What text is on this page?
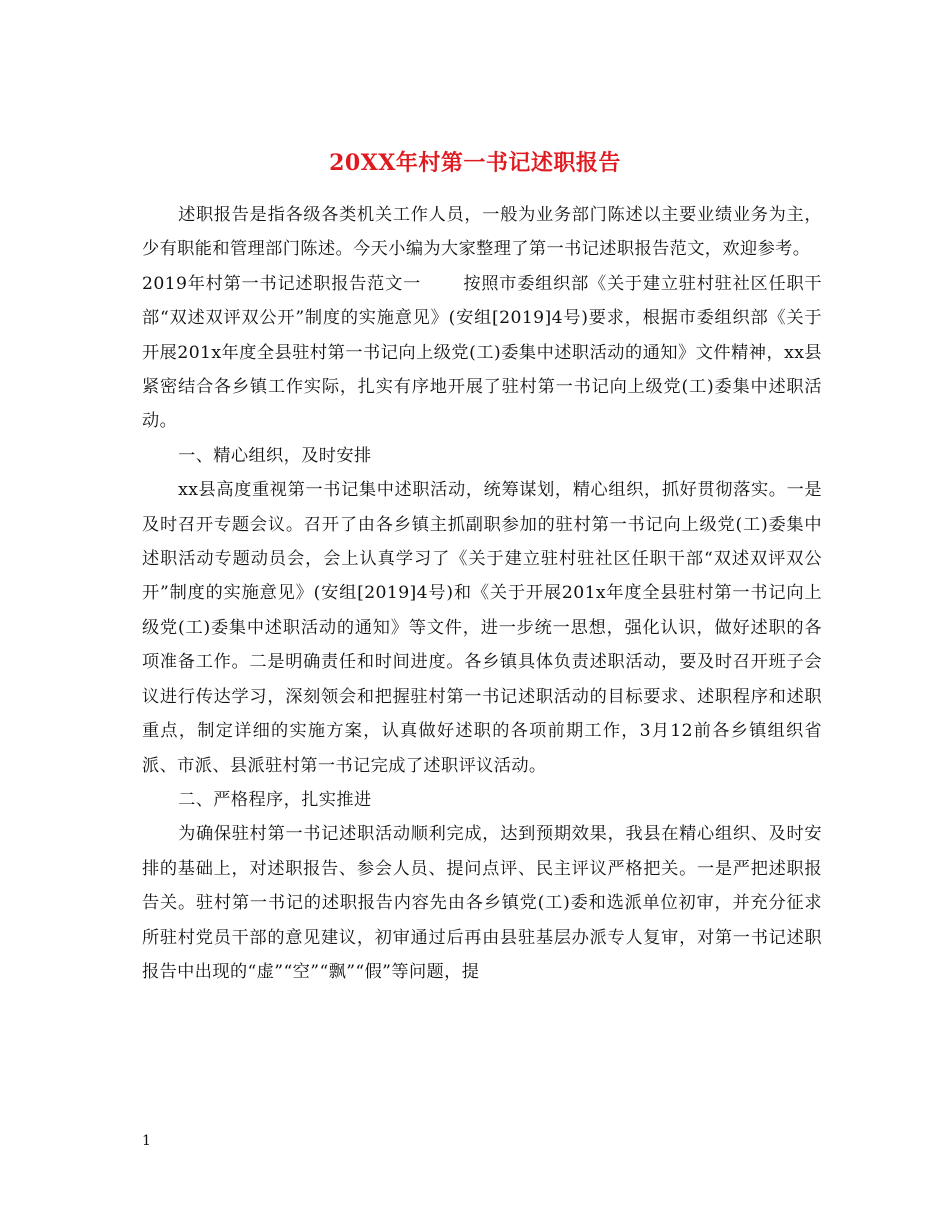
20XX年村第一书记述职报告

述职报告是指各级各类机关工作人员，一般为业务部门陈述以主要业绩业务为主，少有职能和管理部门陈述。今天小编为大家整理了第一书记述职报告范文，欢迎参考。

2019年村第一书记述职报告范文一 按照市委组织部《关于建立驻村驻社区任职干部“双述双评双公开”制度的实施意见》(安组[2019]4号)要求，根据市委组织部《关于开展201x年度全县驻村第一书记向上级党(工)委集中述职活动的通知》文件精神，xx县紧密结合各乡镇工作实际，扎实有序地开展了驻村第一书记向上级党(工)委集中述职活动。

一、精心组织，及时安排

xx县高度重视第一书记集中述职活动，统筹谋划，精心组织，抓好贯彻落实。一是及时召开专题会议。召开了由各乡镇主抓副职参加的驻村第一书记向上级党(工)委集中述职活动专题动员会，会上认真学习了《关于建立驻村驻社区任职干部“双述双评双公开”制度的实施意见》(安组[2019]4号)和《关于开展201x年度全县驻村第一书记向上级党(工)委集中述职活动的通知》等文件，进一步统一思想，强化认识，做好述职的各项准备工作。二是明确责任和时间进度。各乡镇具体负责述职活动，要及时召开班子会议进行传达学习，深刻领会和把握驻村第一书记述职活动的目标要求、述职程序和述职重点，制定详细的实施方案，认真做好述职的各项前期工作，3月12前各乡镇组织省派、市派、县派驻村第一书记完成了述职评议活动。

二、严格程序，扎实推进

为确保驻村第一书记述职活动顺利完成，达到预期效果，我县在精心组织、及时安排的基础上，对述职报告、参会人员、提问点评、民主评议严格把关。一是严把述职报告关。驻村第一书记的述职报告内容先由各乡镇党(工)委和选派单位初审，并充分征求所驻村党员干部的意见建议，初审通过后再由县驻基层办派专人复审，对第一书记述职报告中出现的“虚”“空”“飘”“假”等问题，提

1
